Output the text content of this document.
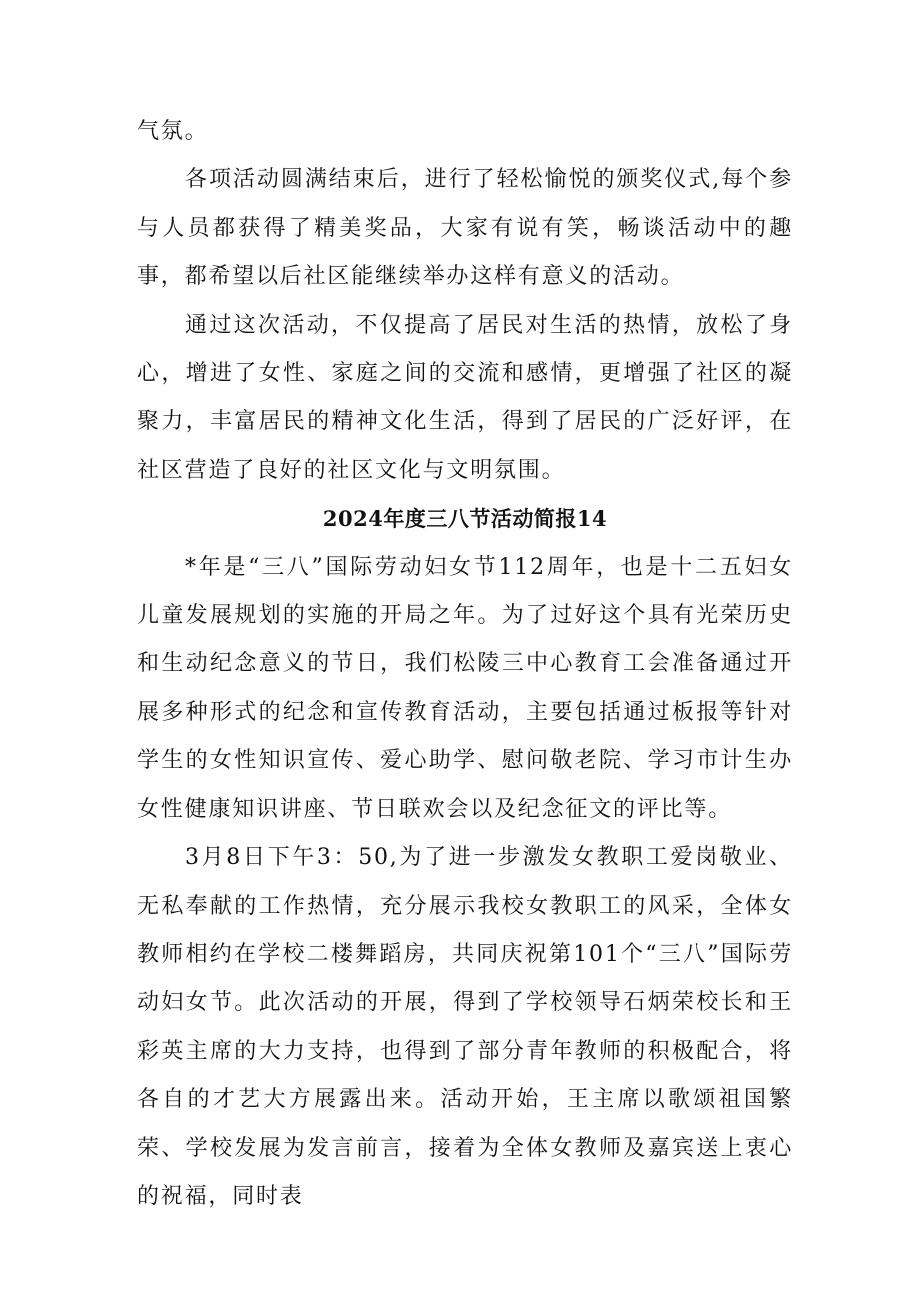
气氛。

各项活动圆满结束后，进行了轻松愉悦的颁奖仪式,每个参与人员都获得了精美奖品，大家有说有笑，畅谈活动中的趣事，都希望以后社区能继续举办这样有意义的活动。

通过这次活动，不仅提高了居民对生活的热情，放松了身心，增进了女性、家庭之间的交流和感情，更增强了社区的凝聚力，丰富居民的精神文化生活，得到了居民的广泛好评，在社区营造了良好的社区文化与文明氛围。

2024年度三八节活动简报14

*年是“三八”国际劳动妇女节112周年，也是十二五妇女儿童发展规划的实施的开局之年。为了过好这个具有光荣历史和生动纪念意义的节日，我们松陵三中心教育工会准备通过开展多种形式的纪念和宣传教育活动，主要包括通过板报等针对学生的女性知识宣传、爱心助学、慰问敬老院、学习市计生办女性健康知识讲座、节日联欢会以及纪念征文的评比等。

3月8日下午3：50,为了进一步激发女教职工爱岗敬业、无私奉献的工作热情，充分展示我校女教职工的风采，全体女教师相约在学校二楼舞蹈房，共同庆祝第101个“三八”国际劳动妇女节。此次活动的开展，得到了学校领导石炳荣校长和王彩英主席的大力支持，也得到了部分青年教师的积极配合，将各自的才艺大方展露出来。活动开始，王主席以歌颂祖国繁荣、学校发展为发言前言，接着为全体女教师及嘉宾送上衷心的祝福，同时表
